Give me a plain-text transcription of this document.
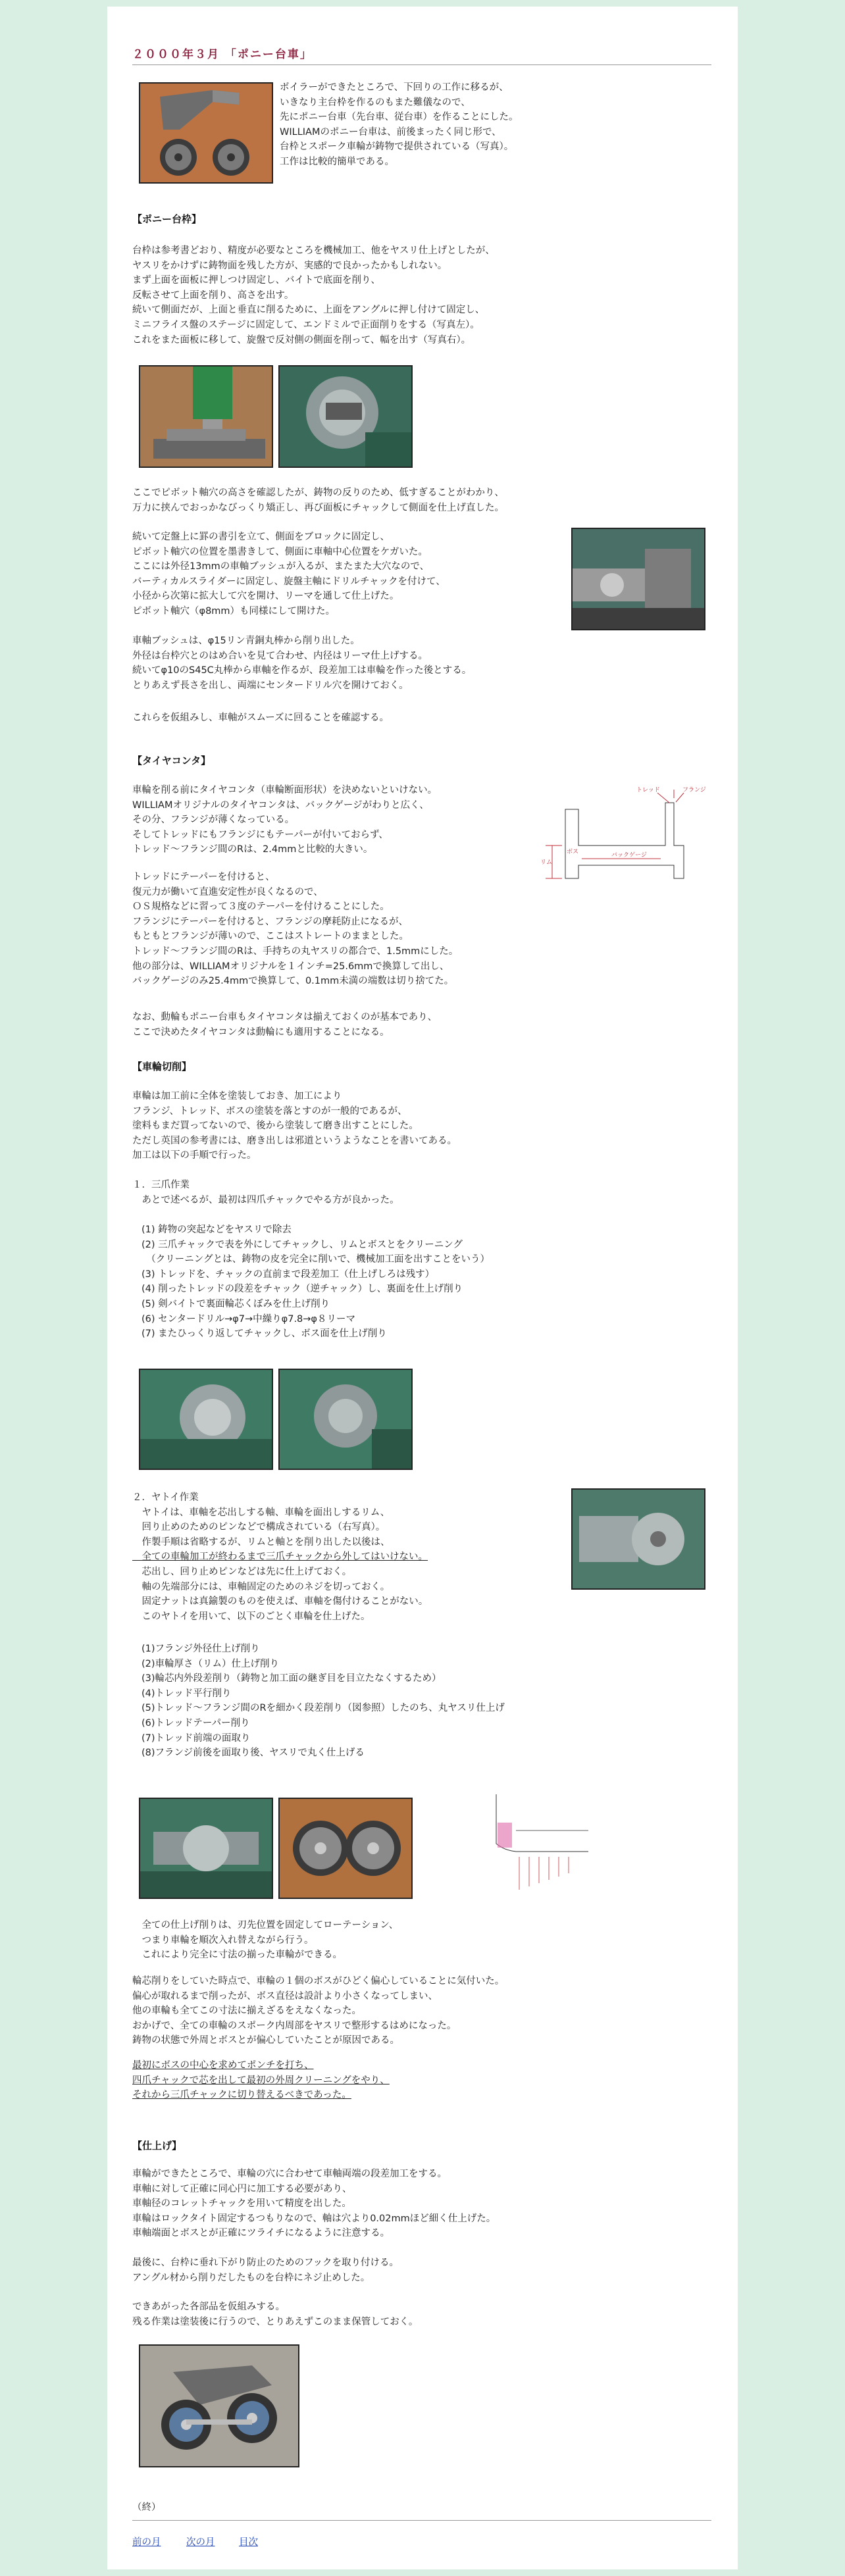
２０００年３月 「ポニー台車」
ボイラーができたところで、下回りの工作に移るが、
いきなり主台枠を作るのもまた難儀なので、
先にポニー台車（先台車、従台車）を作ることにした。
WILLIAMのポニー台車は、前後まったく同じ形で、
台枠とスポーク車輪が鋳物で提供されている（写真）。
工作は比較的簡単である。
【ポニー台枠】
台枠は参考書どおり、精度が必要なところを機械加工、他をヤスリ仕上げとしたが、
ヤスリをかけずに鋳物面を残した方が、実感的で良かったかもしれない。
まず上面を面板に押しつけ固定し、バイトで底面を削り、
反転させて上面を削り、高さを出す。
続いて側面だが、上面と垂直に削るために、上面をアングルに押し付けて固定し、
ミニフライス盤のステージに固定して、エンドミルで正面削りをする（写真左）。
これをまた面板に移して、旋盤で反対側の側面を削って、幅を出す（写真右）。
ここでピボット軸穴の高さを確認したが、鋳物の反りのため、低すぎることがわかり、
万力に挟んでおっかなびっくり矯正し、再び面板にチャックして側面を仕上げ直した。
続いて定盤上に罫の書引を立て、側面をブロックに固定し、
ピボット軸穴の位置を墨書きして、側面に車軸中心位置をケガいた。
ここには外径13mmの車軸ブッシュが入るが、またまた大穴なので、
バーティカルスライダーに固定し、旋盤主軸にドリルチャックを付けて、
小径から次第に拡大して穴を開け、リーマを通して仕上げた。
ピボット軸穴（φ8mm）も同様にして開けた。
車軸ブッシュは、φ15リン青銅丸棒から削り出した。
外径は台枠穴とのはめ合いを見て合わせ、内径はリーマ仕上げする。
続いてφ10のS45C丸棒から車軸を作るが、段差加工は車輪を作った後とする。
とりあえず長さを出し、両端にセンタードリル穴を開けておく。
これらを仮組みし、車軸がスムーズに回ることを確認する。
【タイヤコンタ】
車輪を削る前にタイヤコンタ（車輪断面形状）を決めないといけない。
WILLIAMオリジナルのタイヤコンタは、バックゲージがわりと広く、
その分、フランジが薄くなっている。
そしてトレッドにもフランジにもテーパーが付いておらず、
トレッド～フランジ間のRは、2.4mmと比較的大きい。
トレッド	フランジ
バックゲージ
ボス
リム
トレッドにテーパーを付けると、
復元力が働いて直進安定性が良くなるので、
ＯＳ規格などに習って３度のテーパーを付けることにした。
フランジにテーパーを付けると、フランジの摩耗防止になるが、
もともとフランジが薄いので、ここはストレートのままとした。
トレッド～フランジ間のRは、手持ちの丸ヤスリの都合で、1.5mmにした。
他の部分は、WILLIAMオリジナルを１インチ=25.6mmで換算して出し、
バックゲージのみ25.4mmで換算して、0.1mm未満の端数は切り捨てた。
なお、動輪もポニー台車もタイヤコンタは揃えておくのが基本であり、
ここで決めたタイヤコンタは動輪にも適用することになる。
【車輪切削】
車輪は加工前に全体を塗装しておき、加工により
フランジ、トレッド、ボスの塗装を落とすのが一般的であるが、
塗料もまだ買ってないので、後から塗装して磨き出すことにした。
ただし英国の参考書には、磨き出しは邪道というようなことを書いてある。
加工は以下の手順で行った。
１．三爪作業
　あとで述べるが、最初は四爪チャックでやる方が良かった。
(1) 鋳物の突起などをヤスリで除去
(2) 三爪チャックで表を外にしてチャックし、リムとボスとをクリーニング
　（クリーニングとは、鋳物の皮を完全に削いで、機械加工面を出すことをいう）
(3) トレッドを、チャックの直前まで段差加工（仕上げしろは残す）
(4) 削ったトレッドの段差をチャック（逆チャック）し、裏面を仕上げ削り
(5) 剣バイトで裏面輪芯くぼみを仕上げ削り
(6) センタードリル→φ7→中繰りφ7.8→φ８リーマ
(7) またひっくり返してチャックし、ボス面を仕上げ削り
２．ヤトイ作業
　ヤトイは、車軸を芯出しする軸、車輪を面出しするリム、
　回り止めのためのピンなどで構成されている（右写真）。
　作製手順は省略するが、リムと軸とを削り出した以後は、
　全ての車輪加工が終わるまで三爪チャックから外してはいけない。
　芯出し、回り止めピンなどは先に仕上げておく。
　軸の先端部分には、車軸固定のためのネジを切っておく。
　固定ナットは真鍮製のものを使えば、車軸を傷付けることがない。
　このヤトイを用いて、以下のごとく車輪を仕上げた。
(1)フランジ外径仕上げ削り
(2)車輪厚さ（リム）仕上げ削り
(3)輪芯内外段差削り（鋳物と加工面の継ぎ目を目立たなくするため）
(4)トレッド平行削り
(5)トレッド～フランジ間のRを細かく段差削り（図参照）したのち、丸ヤスリ仕上げ
(6)トレッドテーパー削り
(7)トレッド前端の面取り
(8)フランジ前後を面取り後、ヤスリで丸く仕上げる
　全ての仕上げ削りは、刃先位置を固定してローテーション、
　つまり車輪を順次入れ替えながら行う。
　これにより完全に寸法の揃った車輪ができる。
輪芯削りをしていた時点で、車輪の１個のボスがひどく偏心していることに気付いた。
偏心が取れるまで削ったが、ボス直径は設計より小さくなってしまい、
他の車輪も全てこの寸法に揃えざるをえなくなった。
おかげで、全ての車輪のスポーク内周部をヤスリで整形するはめになった。
鋳物の状態で外周とボスとが偏心していたことが原因である。
最初にボスの中心を求めてポンチを打ち、
四爪チャックで芯を出して最初の外周クリーニングをやり、
それから三爪チャックに切り替えるべきであった。
【仕上げ】
車輪ができたところで、車輪の穴に合わせて車軸両端の段差加工をする。
車軸に対して正確に同心円に加工する必要があり、
車軸径のコレットチャックを用いて精度を出した。
車輪はロックタイト固定するつもりなので、軸は穴より0.02mmほど細く仕上げた。
車軸端面とボスとが正確にツライチになるように注意する。
最後に、台枠に垂れ下がり防止のためのフックを取り付ける。
アングル材から削りだしたものを台枠にネジ止めした。
できあがった各部品を仮組みする。
残る作業は塗装後に行うので、とりあえずこのまま保管しておく。
（終）
前の月	次の月	目次
